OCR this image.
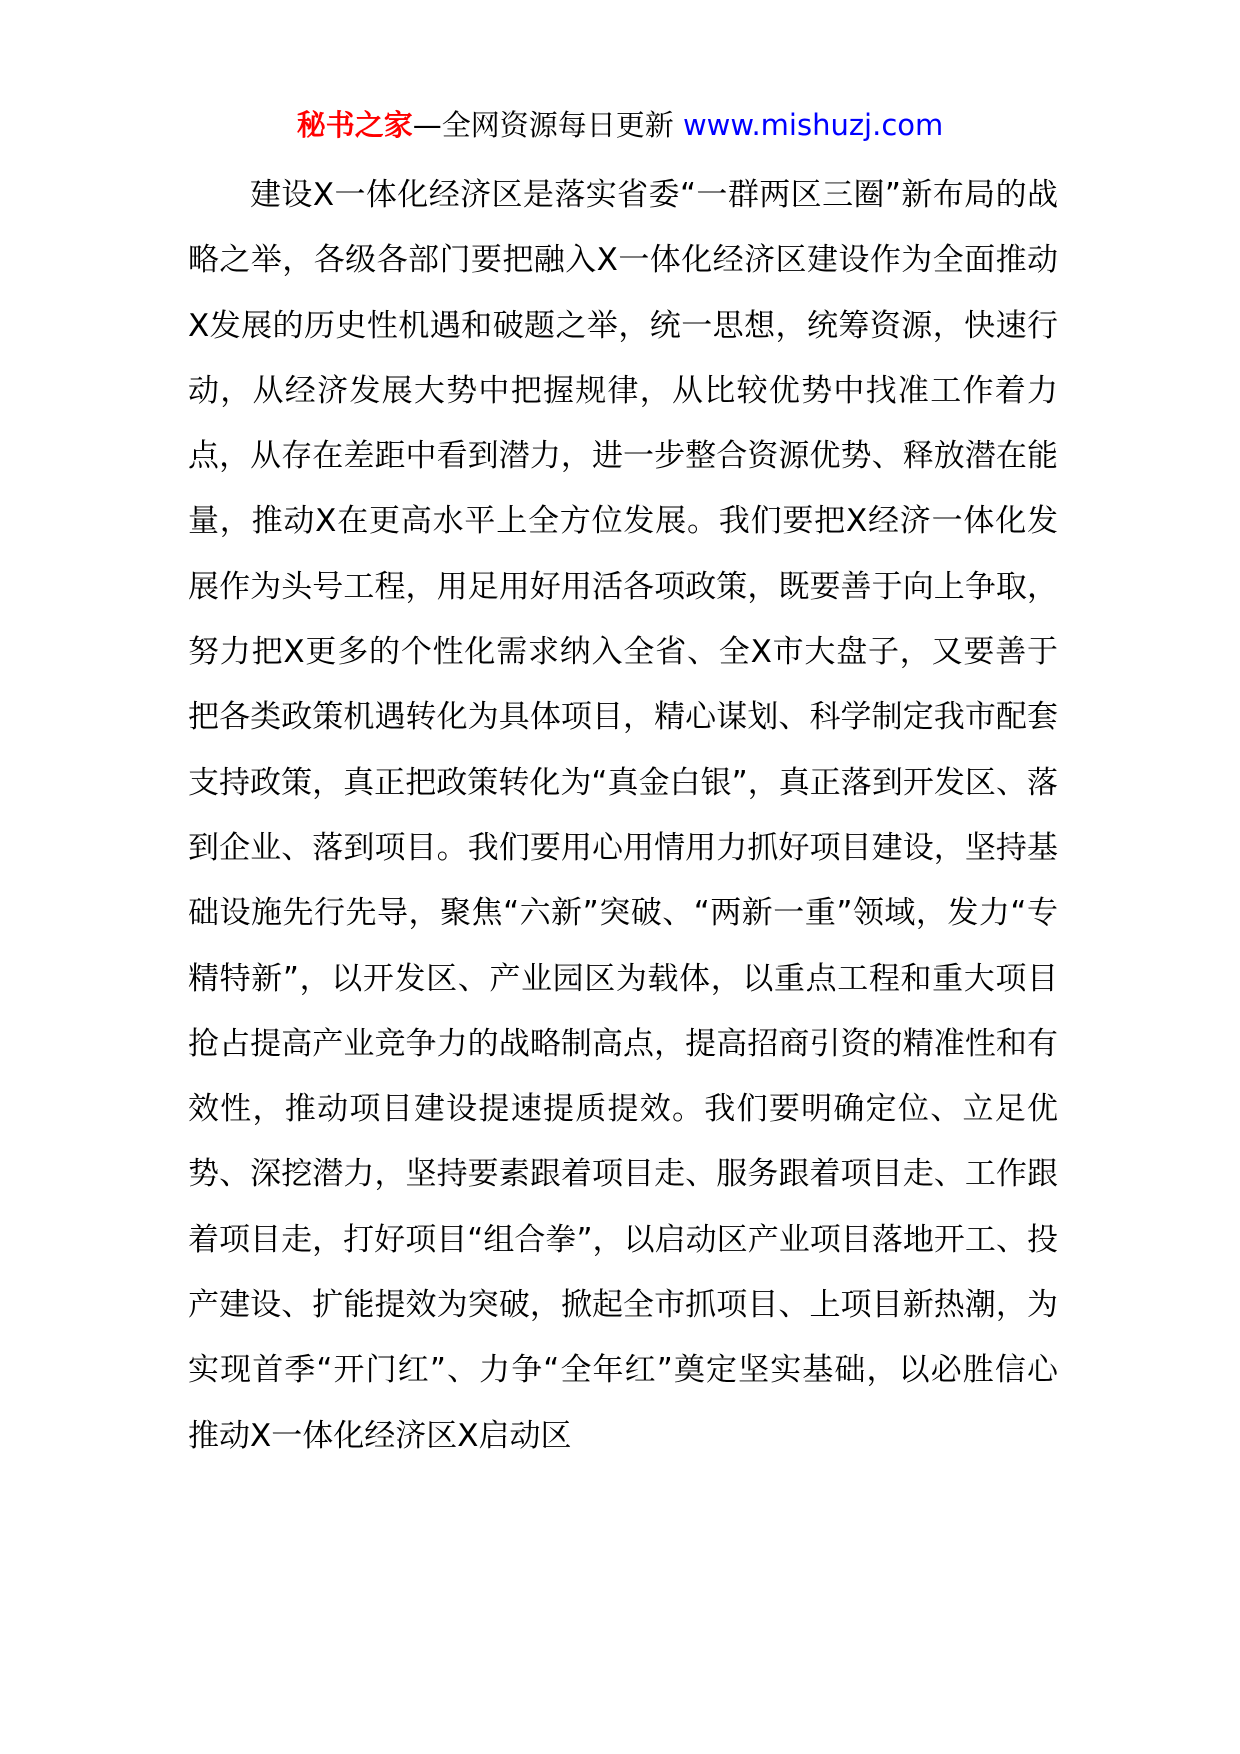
秘书之家—全网资源每日更新 www.mishuzj.com

建设X一体化经济区是落实省委“一群两区三圈”新布局的战略之举，各级各部门要把融入X一体化经济区建设作为全面推动X发展的历史性机遇和破题之举，统一思想，统筹资源，快速行动，从经济发展大势中把握规律，从比较优势中找准工作着力点，从存在差距中看到潜力，进一步整合资源优势、释放潜在能量，推动X在更高水平上全方位发展。我们要把X经济一体化发展作为头号工程，用足用好用活各项政策，既要善于向上争取，努力把X更多的个性化需求纳入全省、全X市大盘子，又要善于把各类政策机遇转化为具体项目，精心谋划、科学制定我市配套支持政策，真正把政策转化为“真金白银”，真正落到开发区、落到企业、落到项目。我们要用心用情用力抓好项目建设，坚持基础设施先行先导，聚焦“六新”突破、“两新一重”领域，发力“专精特新”，以开发区、产业园区为载体，以重点工程和重大项目抢占提高产业竞争力的战略制高点，提高招商引资的精准性和有效性，推动项目建设提速提质提效。我们要明确定位、立足优势、深挖潜力，坚持要素跟着项目走、服务跟着项目走、工作跟着项目走，打好项目“组合拳”，以启动区产业项目落地开工、投产建设、扩能提效为突破，掀起全市抓项目、上项目新热潮，为实现首季“开门红”、力争“全年红”奠定坚实基础，以必胜信心推动X一体化经济区X启动区
